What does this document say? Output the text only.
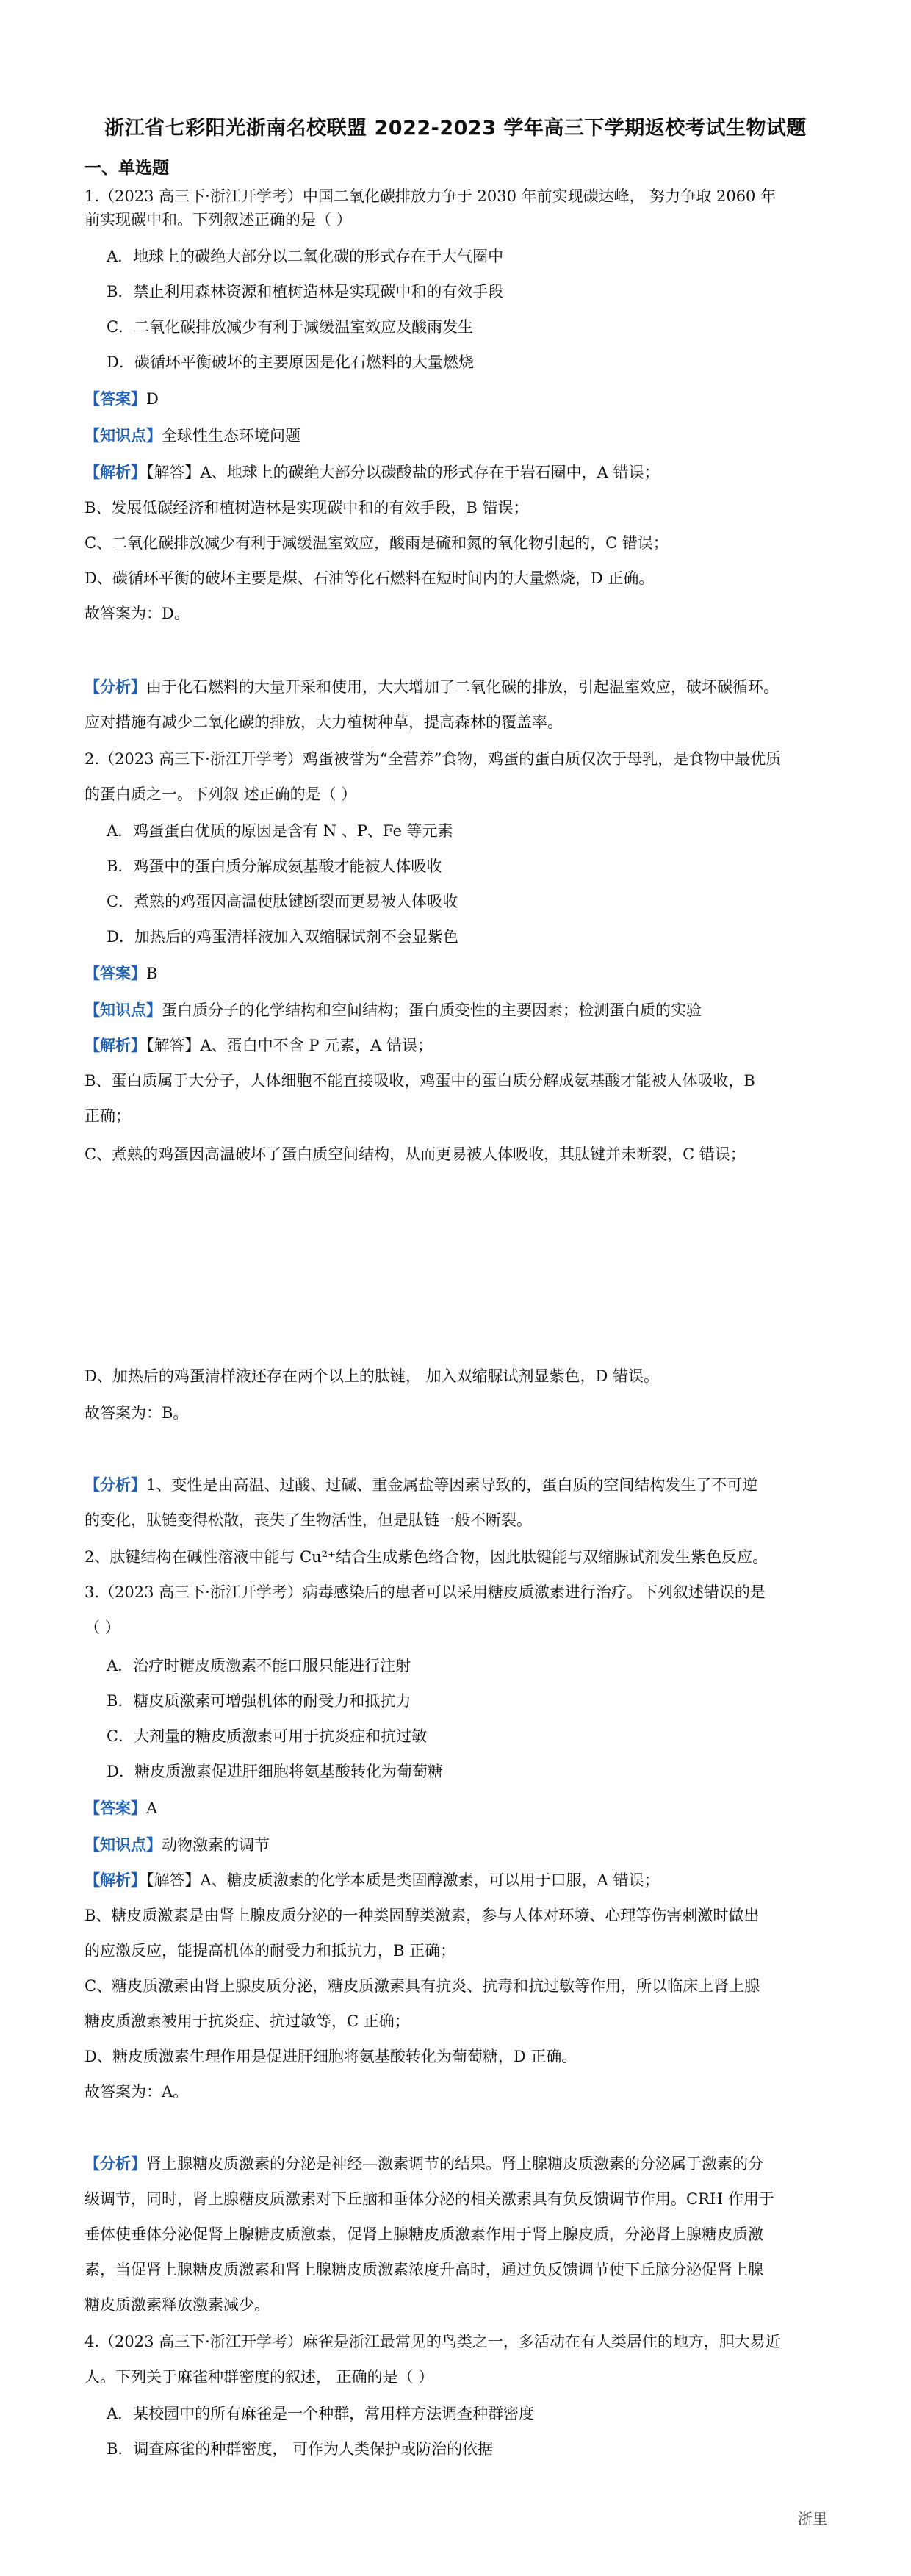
浙江省七彩阳光浙南名校联盟 2022-2023 学年高三下学期返校考试生物试题
一、单选题
1.（2023 高三下·浙江开学考）中国二氧化碳排放力争于 2030 年前实现碳达峰， 努力争取 2060 年
前实现碳中和。下列叙述正确的是（ ）
A．地球上的碳绝大部分以二氧化碳的形式存在于大气圈中
B．禁止利用森林资源和植树造林是实现碳中和的有效手段
C．二氧化碳排放减少有利于减缓温室效应及酸雨发生
D．碳循环平衡破坏的主要原因是化石燃料的大量燃烧
【答案】D
【知识点】全球性生态环境问题
【解析】【解答】A、地球上的碳绝大部分以碳酸盐的形式存在于岩石圈中，A 错误；
B、发展低碳经济和植树造林是实现碳中和的有效手段，B 错误；
C、二氧化碳排放减少有利于减缓温室效应，酸雨是硫和氮的氧化物引起的，C 错误；
D、碳循环平衡的破坏主要是煤、石油等化石燃料在短时间内的大量燃烧，D 正确。
故答案为：D。
【分析】由于化石燃料的大量开采和使用，大大增加了二氧化碳的排放，引起温室效应，破坏碳循环。
应对措施有减少二氧化碳的排放，大力植树种草，提高森林的覆盖率。
2.（2023 高三下·浙江开学考）鸡蛋被誉为“全营养”食物，鸡蛋的蛋白质仅次于母乳，是食物中最优质
的蛋白质之一。下列叙 述正确的是（ ）
A．鸡蛋蛋白优质的原因是含有 N 、P、Fe 等元素
B．鸡蛋中的蛋白质分解成氨基酸才能被人体吸收
C．煮熟的鸡蛋因高温使肽键断裂而更易被人体吸收
D．加热后的鸡蛋清样液加入双缩脲试剂不会显紫色
【答案】B
【知识点】蛋白质分子的化学结构和空间结构；蛋白质变性的主要因素；检测蛋白质的实验
【解析】【解答】A、蛋白中不含 P 元素，A 错误；
B、蛋白质属于大分子，人体细胞不能直接吸收，鸡蛋中的蛋白质分解成氨基酸才能被人体吸收，B
正确；
C、煮熟的鸡蛋因高温破坏了蛋白质空间结构，从而更易被人体吸收，其肽键并未断裂，C 错误；
D、加热后的鸡蛋清样液还存在两个以上的肽键， 加入双缩脲试剂显紫色，D 错误。
故答案为：B。
【分析】1、变性是由高温、过酸、过碱、重金属盐等因素导致的，蛋白质的空间结构发生了不可逆
的变化，肽链变得松散，丧失了生物活性，但是肽链一般不断裂。
2、肽键结构在碱性溶液中能与 Cu²⁺结合生成紫色络合物，因此肽键能与双缩脲试剂发生紫色反应。
3.（2023 高三下·浙江开学考）病毒感染后的患者可以采用糖皮质激素进行治疗。下列叙述错误的是
（ ）
A．治疗时糖皮质激素不能口服只能进行注射
B．糖皮质激素可增强机体的耐受力和抵抗力
C．大剂量的糖皮质激素可用于抗炎症和抗过敏
D．糖皮质激素促进肝细胞将氨基酸转化为葡萄糖
【答案】A
【知识点】动物激素的调节
【解析】【解答】A、糖皮质激素的化学本质是类固醇激素，可以用于口服，A 错误；
B、糖皮质激素是由肾上腺皮质分泌的一种类固醇类激素，参与人体对环境、心理等伤害刺激时做出
的应激反应，能提高机体的耐受力和抵抗力，B 正确；
C、糖皮质激素由肾上腺皮质分泌，糖皮质激素具有抗炎、抗毒和抗过敏等作用，所以临床上肾上腺
糖皮质激素被用于抗炎症、抗过敏等，C 正确；
D、糖皮质激素生理作用是促进肝细胞将氨基酸转化为葡萄糖，D 正确。
故答案为：A。
【分析】肾上腺糖皮质激素的分泌是神经—激素调节的结果。肾上腺糖皮质激素的分泌属于激素的分
级调节，同时，肾上腺糖皮质激素对下丘脑和垂体分泌的相关激素具有负反馈调节作用。CRH 作用于
垂体使垂体分泌促肾上腺糖皮质激素，促肾上腺糖皮质激素作用于肾上腺皮质，分泌肾上腺糖皮质激
素，当促肾上腺糖皮质激素和肾上腺糖皮质激素浓度升高时，通过负反馈调节使下丘脑分泌促肾上腺
糖皮质激素释放激素减少。
4.（2023 高三下·浙江开学考）麻雀是浙江最常见的鸟类之一，多活动在有人类居住的地方，胆大易近
人。下列关于麻雀种群密度的叙述， 正确的是（ ）
A．某校园中的所有麻雀是一个种群，常用样方法调查种群密度
B．调查麻雀的种群密度， 可作为人类保护或防治的依据
浙里
